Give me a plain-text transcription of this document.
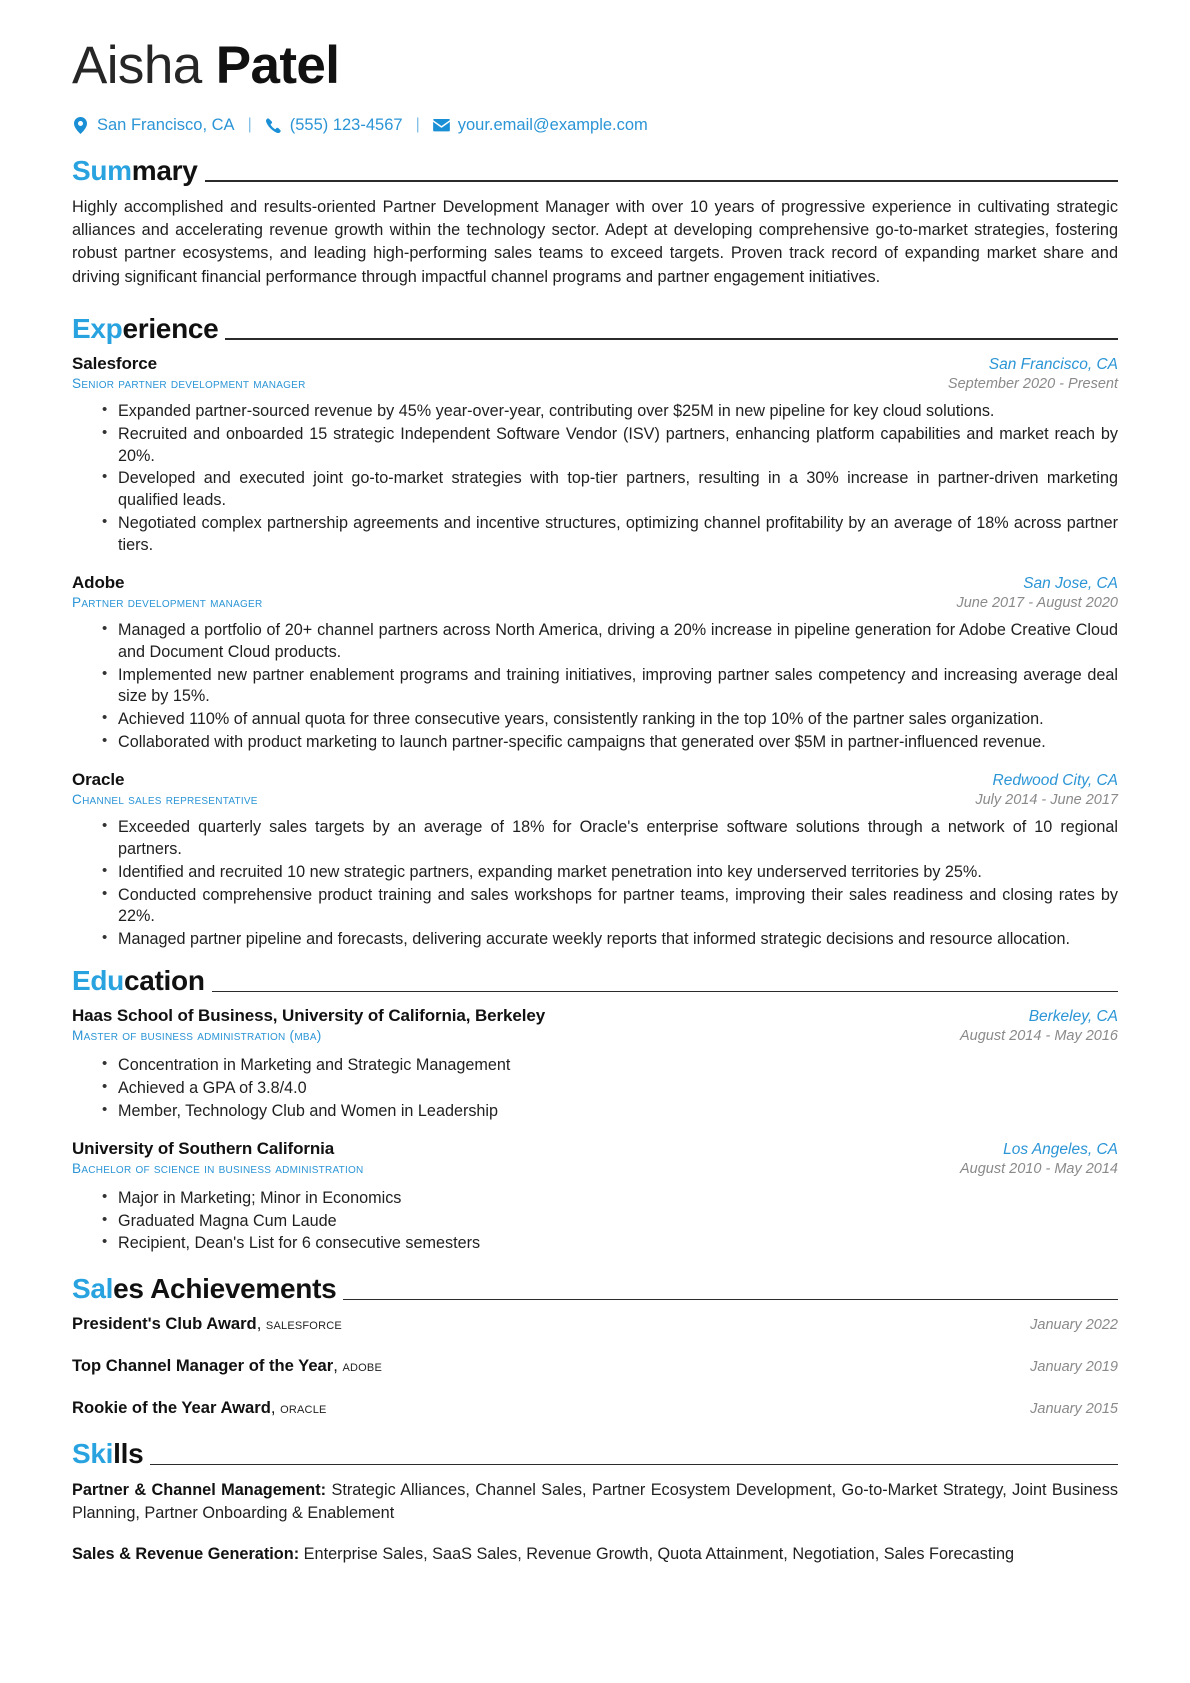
Aisha Patel
San Francisco, CA | (555) 123-4567 | your.email@example.com
Summary

Highly accomplished and results-oriented Partner Development Manager with over 10 years of progressive experience in cultivating strategic alliances and accelerating revenue growth within the technology sector. Adept at developing comprehensive go-to-market strategies, fostering robust partner ecosystems, and leading high-performing sales teams to exceed targets. Proven track record of expanding market share and driving significant financial performance through impactful channel programs and partner engagement initiatives.

Experience
Salesforce	San Francisco, CA
Senior partner development manager	September 2020 - Present
• Expanded partner-sourced revenue by 45% year-over-year, contributing over $25M in new pipeline for key cloud solutions.
• Recruited and onboarded 15 strategic Independent Software Vendor (ISV) partners, enhancing platform capabilities and market reach by 20%.
• Developed and executed joint go-to-market strategies with top-tier partners, resulting in a 30% increase in partner-driven marketing qualified leads.
• Negotiated complex partnership agreements and incentive structures, optimizing channel profitability by an average of 18% across partner tiers.
Adobe	San Jose, CA
Partner development manager	June 2017 - August 2020
• Managed a portfolio of 20+ channel partners across North America, driving a 20% increase in pipeline generation for Adobe Creative Cloud and Document Cloud products.
• Implemented new partner enablement programs and training initiatives, improving partner sales competency and increasing average deal size by 15%.
• Achieved 110% of annual quota for three consecutive years, consistently ranking in the top 10% of the partner sales organization.
• Collaborated with product marketing to launch partner-specific campaigns that generated over $5M in partner-influenced revenue.
Oracle	Redwood City, CA
Channel sales representative	July 2014 - June 2017
• Exceeded quarterly sales targets by an average of 18% for Oracle's enterprise software solutions through a network of 10 regional partners.
• Identified and recruited 10 new strategic partners, expanding market penetration into key underserved territories by 25%.
• Conducted comprehensive product training and sales workshops for partner teams, improving their sales readiness and closing rates by 22%.
• Managed partner pipeline and forecasts, delivering accurate weekly reports that informed strategic decisions and resource allocation.
Education
Haas School of Business, University of California, Berkeley	Berkeley, CA
Master of business administration (mba)	August 2014 - May 2016
• Concentration in Marketing and Strategic Management
• Achieved a GPA of 3.8/4.0
• Member, Technology Club and Women in Leadership
University of Southern California	Los Angeles, CA
Bachelor of science in business administration	August 2010 - May 2014
• Major in Marketing; Minor in Economics
• Graduated Magna Cum Laude
• Recipient, Dean's List for 6 consecutive semesters
Sales Achievements
President's Club Award, salesforce	January 2022
Top Channel Manager of the Year, adobe	January 2019
Rookie of the Year Award, oracle	January 2015
Skills

Partner & Channel Management: Strategic Alliances, Channel Sales, Partner Ecosystem Development, Go-to-Market Strategy, Joint Business Planning, Partner Onboarding & Enablement

Sales & Revenue Generation: Enterprise Sales, SaaS Sales, Revenue Growth, Quota Attainment, Negotiation, Sales Forecasting
